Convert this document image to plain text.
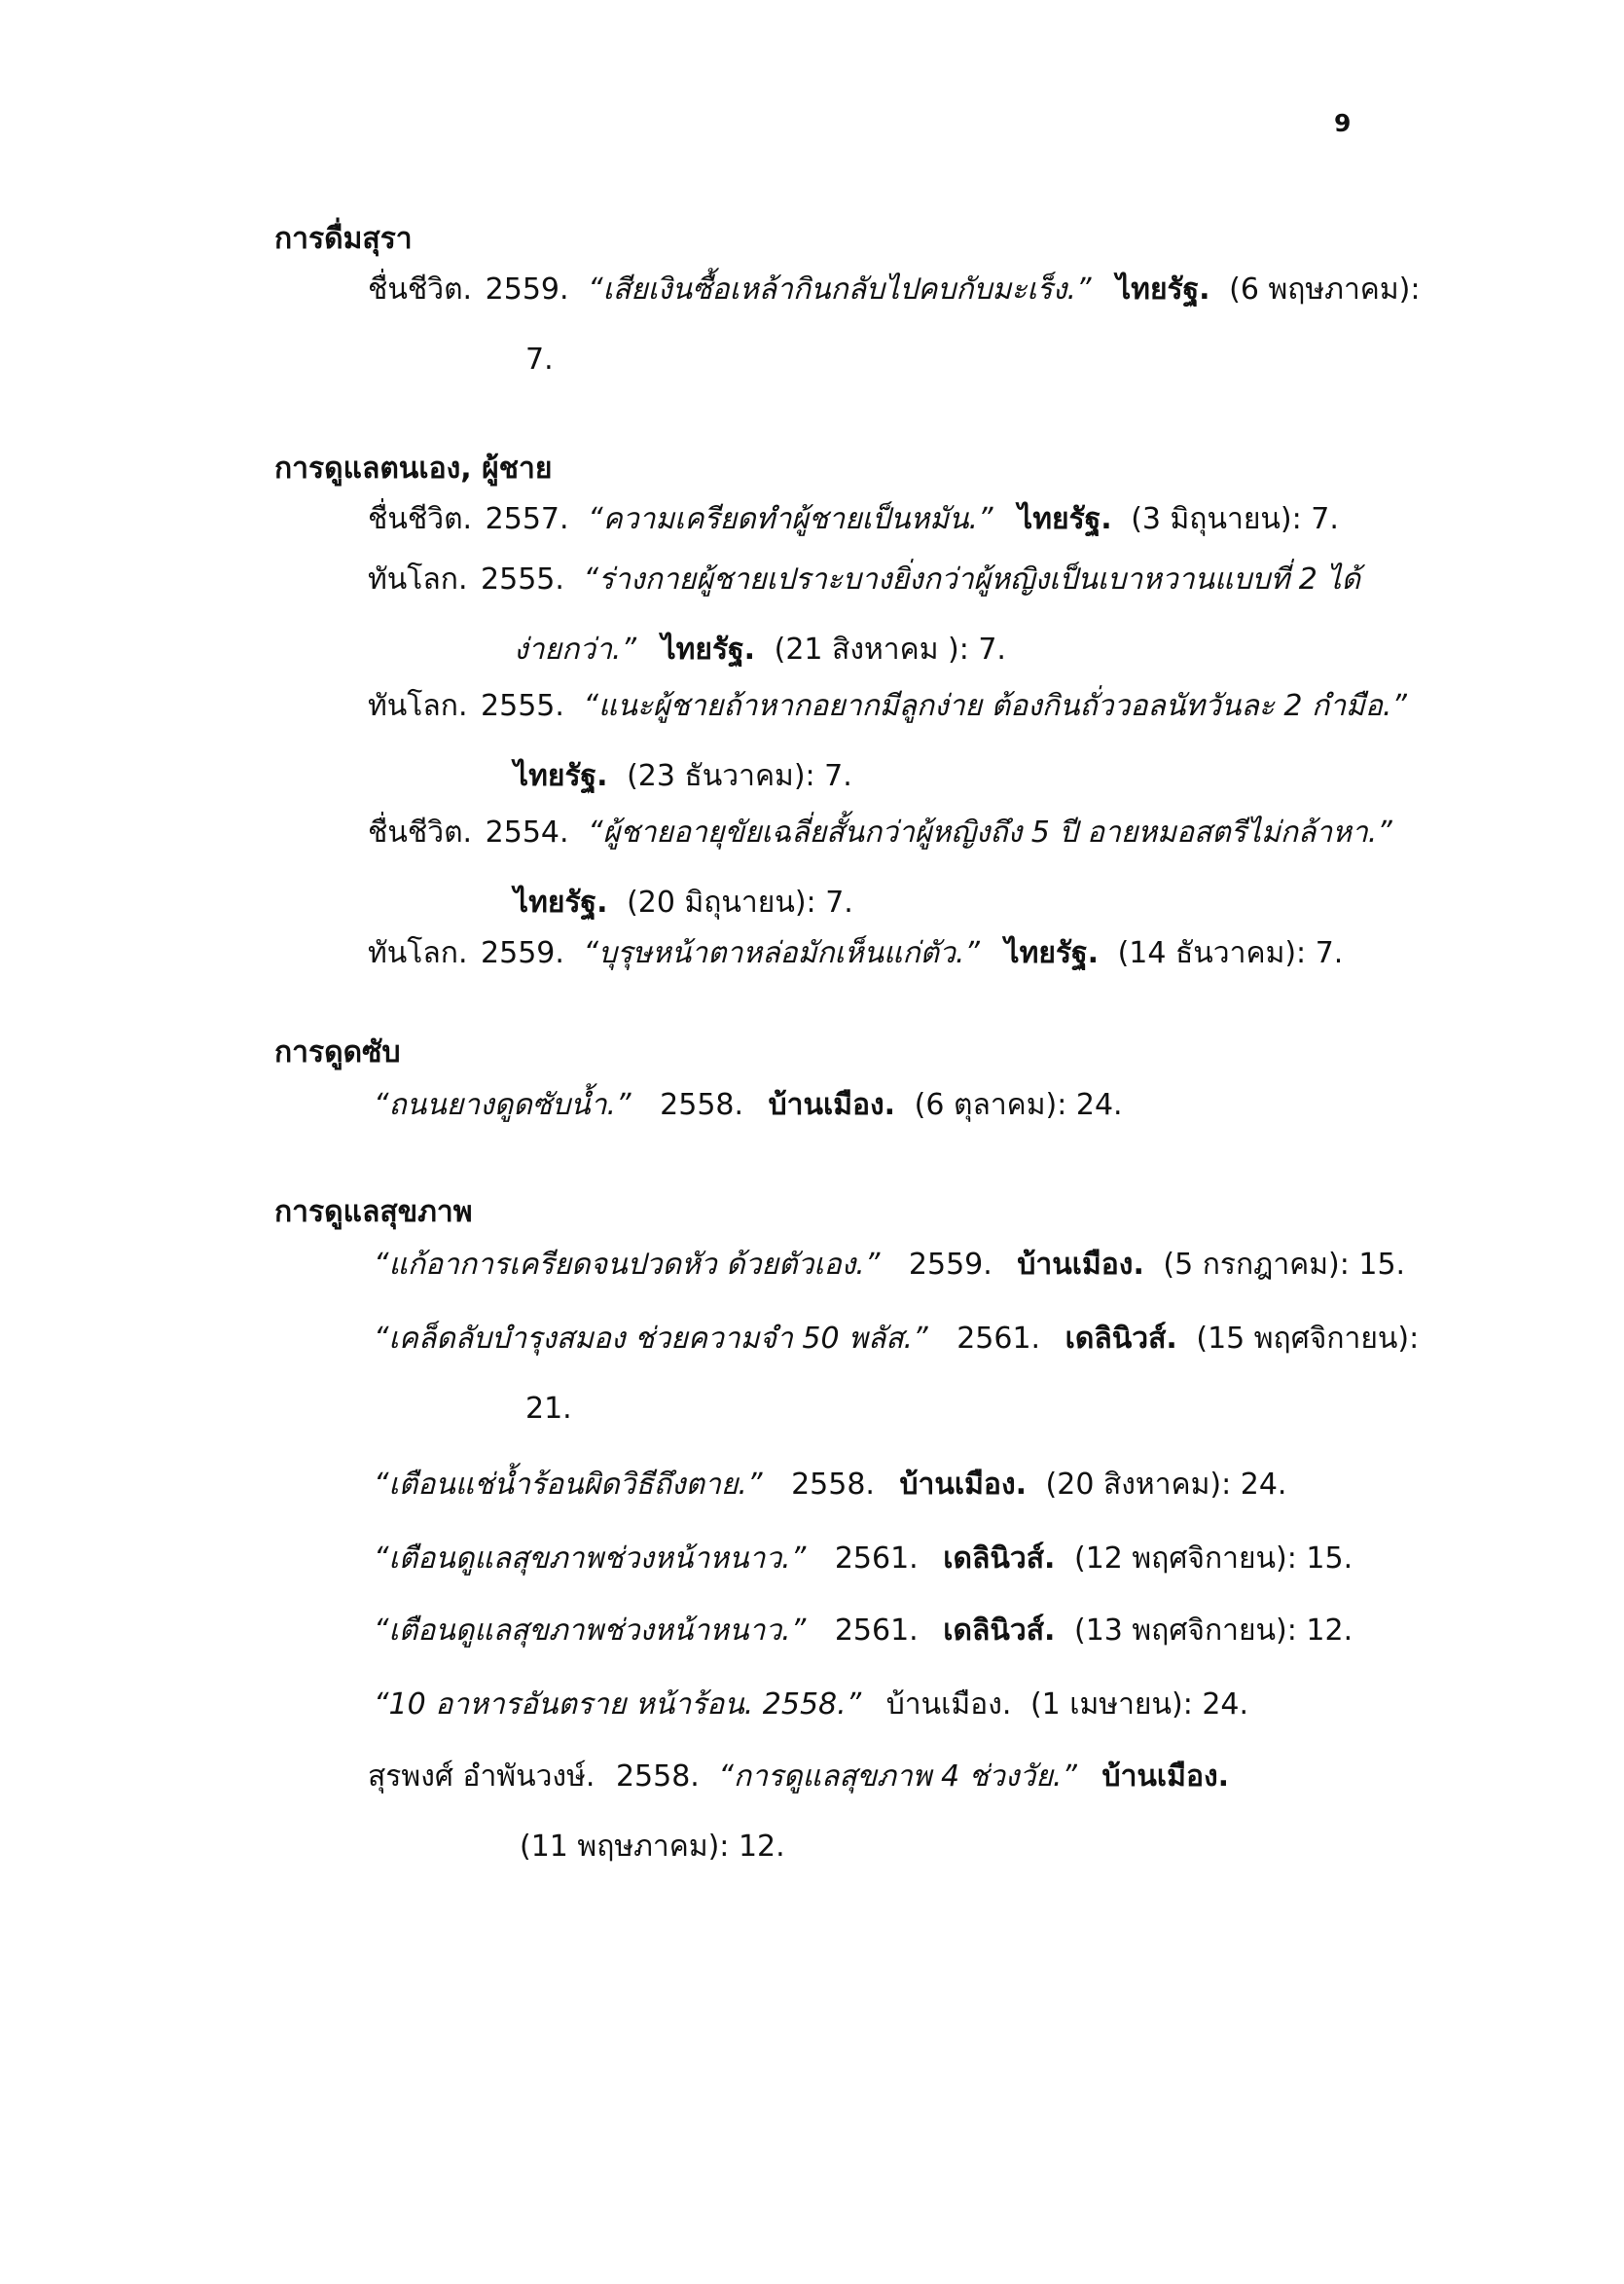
9
การดื่มสุรา
ชื่นชีวิต. 2559. “เสียเงินซื้อเหล้ากินกลับไปคบกับมะเร็ง.” ไทยรัฐ. (6 พฤษภาคม):
7.
การดูแลตนเอง, ผู้ชาย
ชื่นชีวิต. 2557. “ความเครียดทำผู้ชายเป็นหมัน.” ไทยรัฐ. (3 มิถุนายน): 7.
ทันโลก. 2555. “ร่างกายผู้ชายเปราะบางยิ่งกว่าผู้หญิงเป็นเบาหวานแบบที่ 2 ได้
ง่ายกว่า.” ไทยรัฐ. (21 สิงหาคม ): 7.
ทันโลก. 2555. “แนะผู้ชายถ้าหากอยากมีลูกง่าย ต้องกินถั่ววอลนัทวันละ 2 กำมือ.”
ไทยรัฐ. (23 ธันวาคม): 7.
ชื่นชีวิต. 2554. “ผู้ชายอายุขัยเฉลี่ยสั้นกว่าผู้หญิงถึง 5 ปี อายหมอสตรีไม่กล้าหา.”
ไทยรัฐ. (20 มิถุนายน): 7.
ทันโลก. 2559. “บุรุษหน้าตาหล่อมักเห็นแก่ตัว.” ไทยรัฐ. (14 ธันวาคม): 7.
การดูดซับ
“ถนนยางดูดซับน้ำ.” 2558. บ้านเมือง. (6 ตุลาคม): 24.
การดูแลสุขภาพ
“แก้อาการเครียดจนปวดหัว ด้วยตัวเอง.” 2559. บ้านเมือง. (5 กรกฎาคม): 15.
“เคล็ดลับบำรุงสมอง ช่วยความจำ 50 พลัส.” 2561. เดลินิวส์. (15 พฤศจิกายน):
21.
“เตือนแช่น้ำร้อนผิดวิธีถึงตาย.” 2558. บ้านเมือง. (20 สิงหาคม): 24.
“เตือนดูแลสุขภาพช่วงหน้าหนาว.” 2561. เดลินิวส์. (12 พฤศจิกายน): 15.
“เตือนดูแลสุขภาพช่วงหน้าหนาว.” 2561. เดลินิวส์. (13 พฤศจิกายน): 12.
“10 อาหารอันตราย หน้าร้อน. 2558.” บ้านเมือง. (1 เมษายน): 24.
สุรพงศ์ อำพันวงษ์. 2558. “การดูแลสุขภาพ 4 ช่วงวัย.” บ้านเมือง.
(11 พฤษภาคม): 12.
